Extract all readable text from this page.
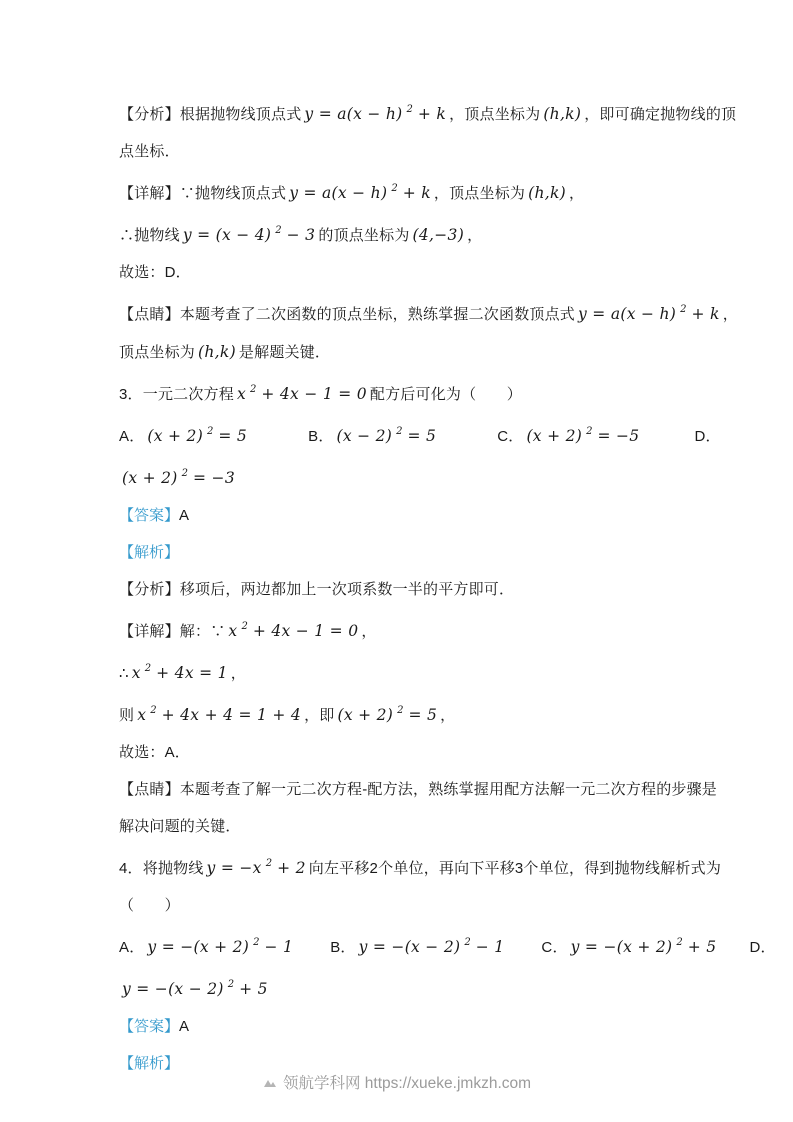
【分析】根据抛物线顶点式 y = a(x − h) $^2$ + k ，顶点坐标为 (h,k) ，即可确定抛物线的顶
点坐标．
【详解】∵抛物线顶点式 y = a(x − h) $^2$ + k ，顶点坐标为 (h,k) ，
∴抛物线 y = (x − 4) $^2$ − 3 的顶点坐标为 (4,−3) ，
故选：D．
【点睛】本题考查了二次函数的顶点坐标，熟练掌握二次函数顶点式 y = a(x − h) $^2$ + k ，
顶点坐标为 (h,k) 是解题关键．
3．一元二次方程 x $^2$ + 4x − 1 = 0 配方后可化为（　　）
A． (x + 2) $^2$ = 5	B． (x − 2) $^2$ = 5	C． (x + 2) $^2$ = −5	D．
(x + 2) $^2$ = −3
【答案】A
【解析】
【分析】移项后，两边都加上一次项系数一半的平方即可．
【详解】解：∵ x $^2$ + 4x − 1 = 0 ，
∴ x $^2$ + 4x = 1 ，
则 x $^2$ + 4x + 4 = 1 + 4 ，即 (x + 2) $^2$ = 5 ，
故选：A．
【点睛】本题考查了解一元二次方程-配方法，熟练掌握用配方法解一元二次方程的步骤是
解决问题的关键．
4．将抛物线 y = −x $^2$ + 2 向左平移2个单位，再向下平移3个单位，得到抛物线解析式为
（　　）
A． y = −(x + 2) $^2$ − 1 B． y = −(x − 2) $^2$ − 1 C． y = −(x + 2) $^2$ + 5 D．
y = −(x − 2) $^2$ + 5
【答案】A
【解析】
领航学科网 https://xueke.jmkzh.com
